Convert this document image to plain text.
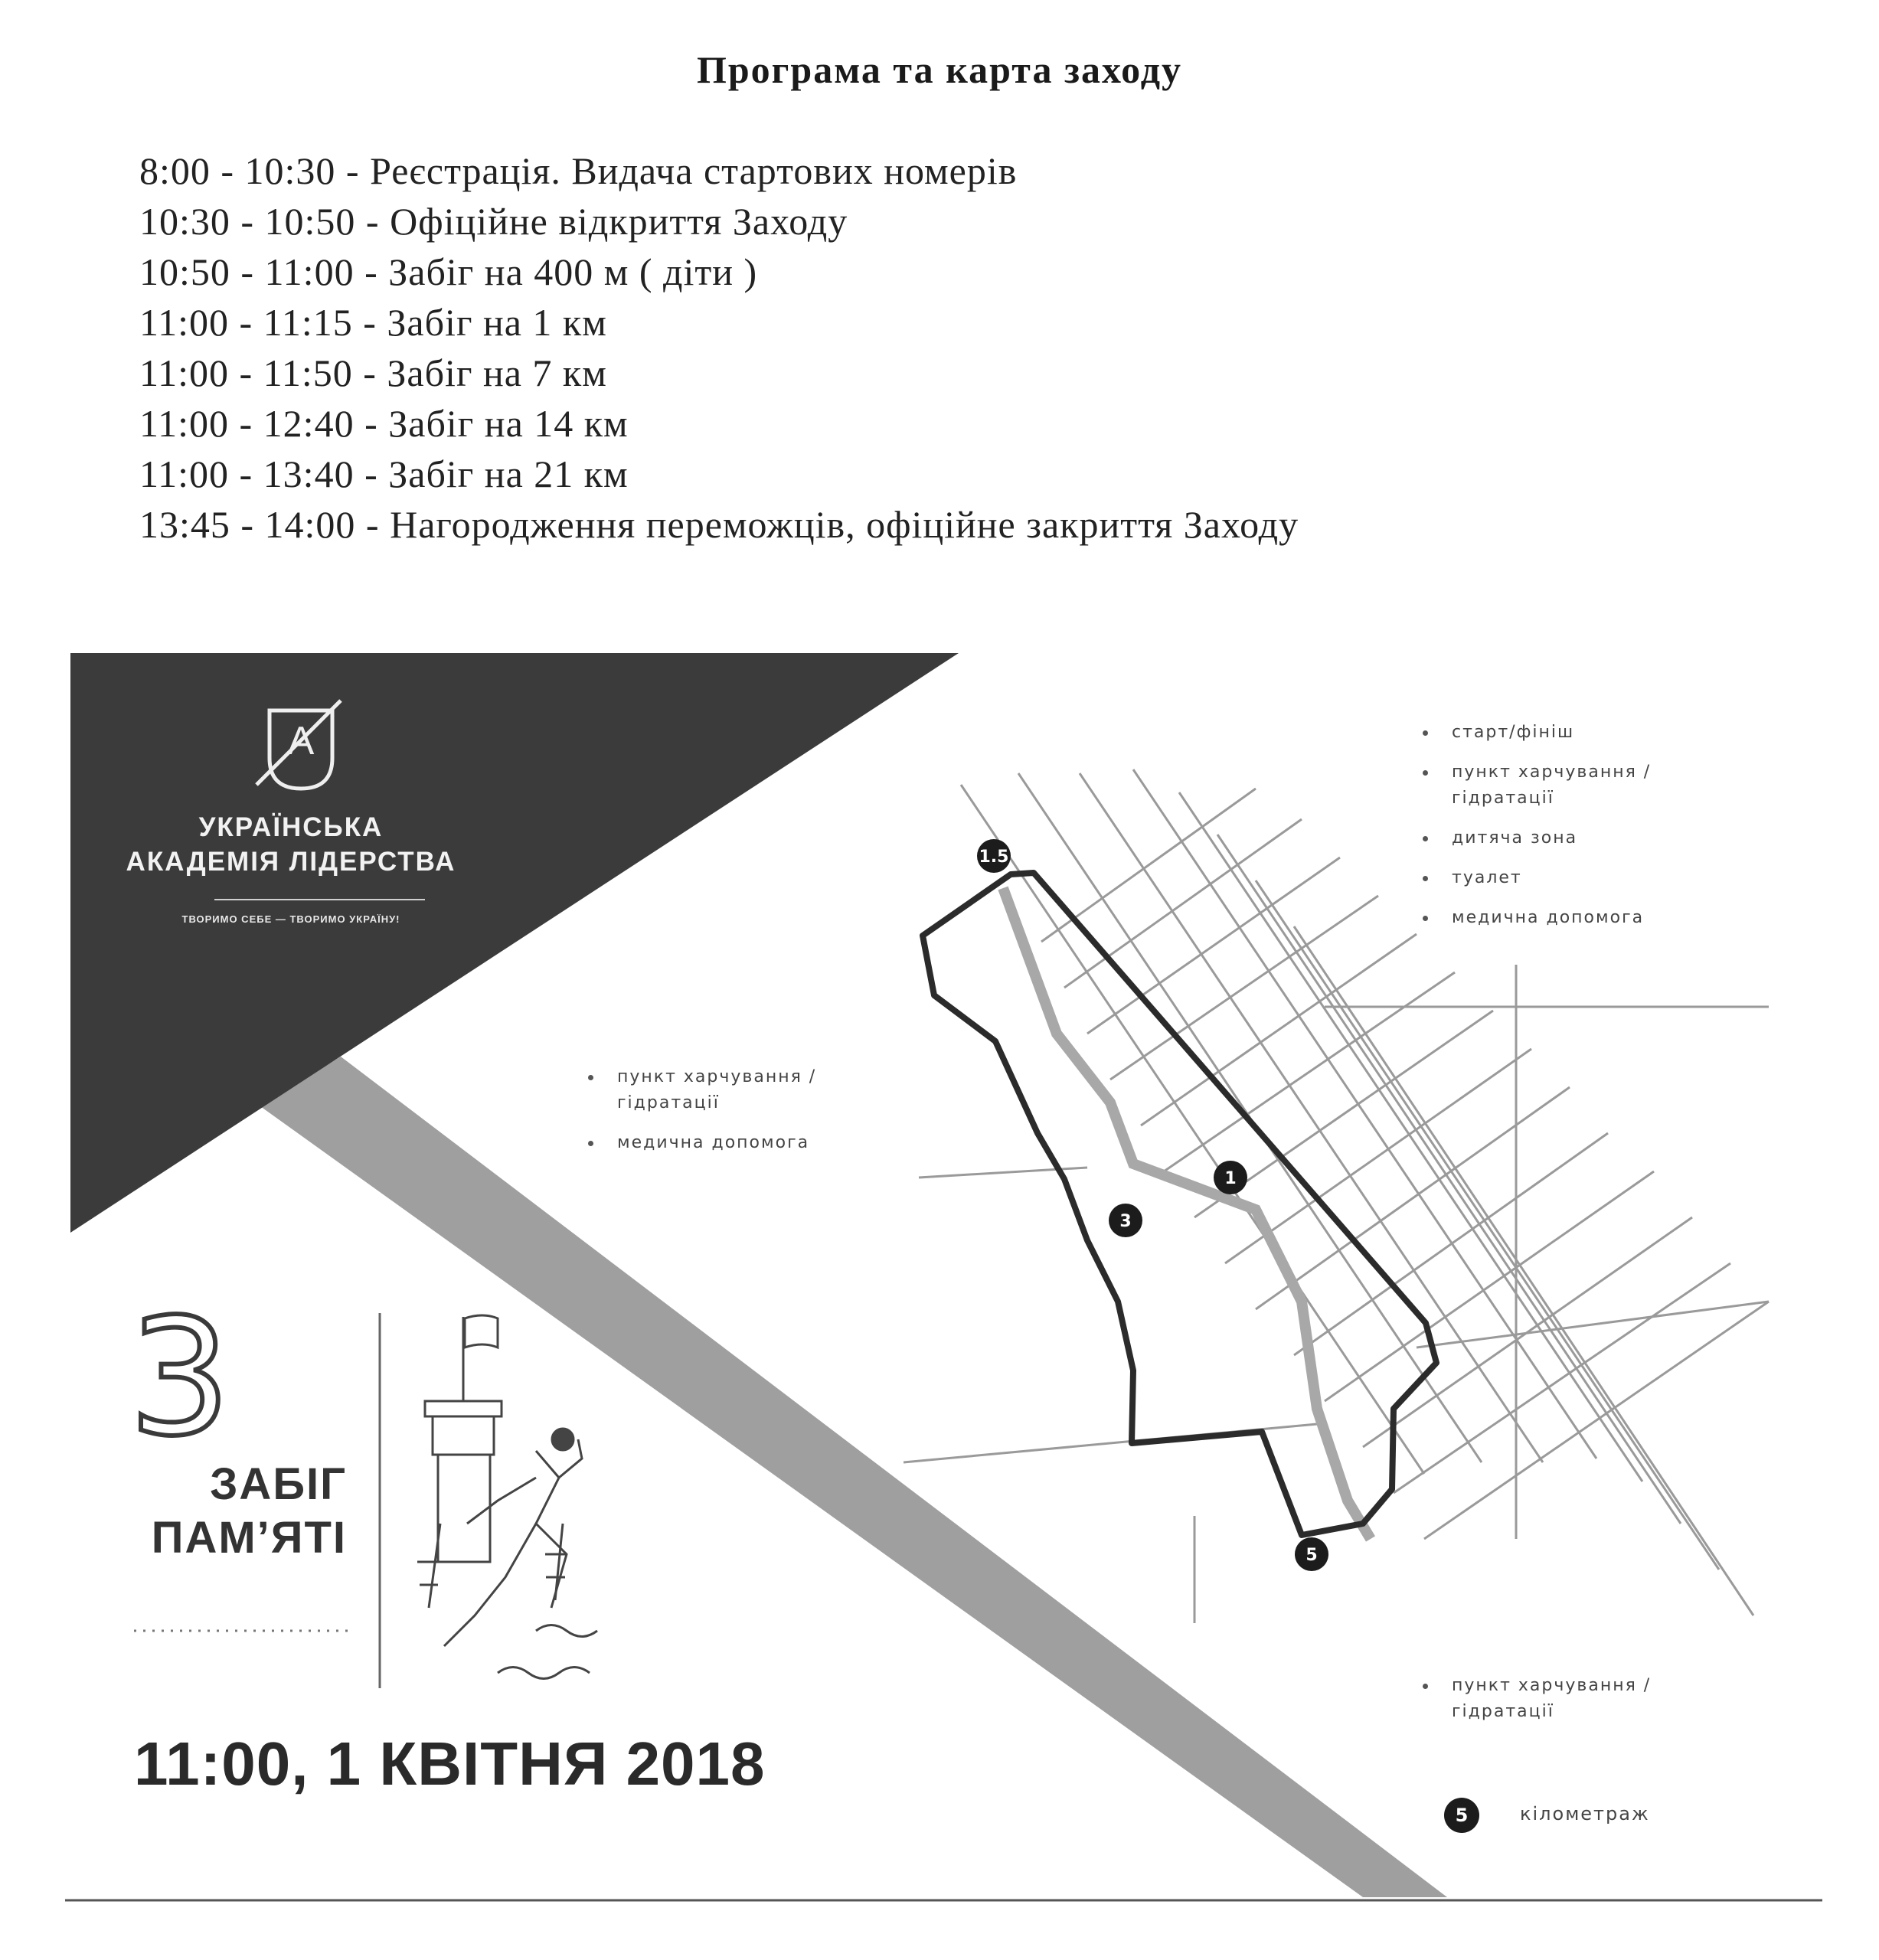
Програма та карта заходу
8:00 - 10:30 - Реєстрація. Видача стартових номерів
10:30 - 10:50 - Офіційне відкриття Заходу
10:50 - 11:00 - Забіг на 400 м ( діти )
11:00 - 11:15 - Забіг на 1 км
11:00 - 11:50 - Забіг на 7 км
11:00 - 12:40 - Забіг на 14 км
11:00 - 13:40 - Забіг на 21 км
13:45 - 14:00 - Нагородження переможців, офіційне закриття Заходу
1.5
1
3
5
A
УКРАЇНСЬКА
АКАДЕМІЯ ЛІДЕРСТВА
ТВОРИМО СЕБЕ — ТВОРИМО УКРАЇНУ!
старт/фініш
пункт харчування / гідратації
дитяча зона
туалет
медична допомога
пункт харчування / гідратації
медична допомога
пункт харчування / гідратації
5	кілометраж
3
ЗАБІГ
ПАМ’ЯТІ
11:00, 1 КВІТНЯ 2018
